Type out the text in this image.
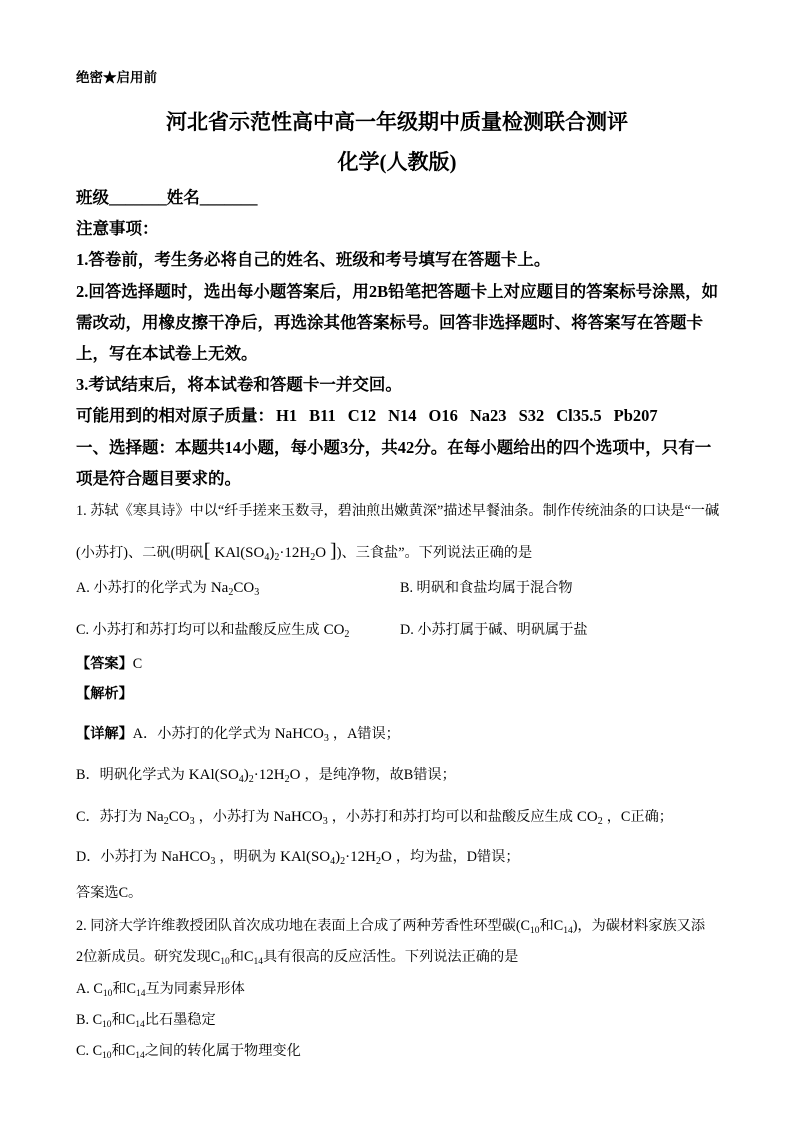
绝密★启用前
河北省示范性高中高一年级期中质量检测联合测评
化学(人教版)
班级_______姓名_______
注意事项：
1.答卷前，考生务必将自己的姓名、班级和考号填写在答题卡上。
2.回答选择题时，选出每小题答案后，用2B铅笔把答题卡上对应题目的答案标号涂黑，如
需改动，用橡皮擦干净后，再选涂其他答案标号。回答非选择题时、将答案写在答题卡
上，写在本试卷上无效。
3.考试结束后，将本试卷和答题卡一并交回。
可能用到的相对原子质量： H1 B11 C12 N14 O16 Na23 S32 Cl35.5 Pb207
一、选择题：本题共14小题，每小题3分，共42分。在每小题给出的四个选项中，只有一
项是符合题目要求的。
1. 苏轼《寒具诗》中以“纤手搓来玉数寻，碧油煎出嫩黄深”描述早餐油条。制作传统油条的口诀是“一碱
(小苏打)、二矾(明矾[ $KAl(SO_4)_2\cdot 12H_2O$ ])、三食盐”。下列说法正确的是
A. 小苏打的化学式为 $Na_2CO_3$	B. 明矾和食盐均属于混合物
C. 小苏打和苏打均可以和盐酸反应生成 $CO_2$	D. 小苏打属于碱、明矾属于盐
【答案】C
【解析】
【详解】A．小苏打的化学式为 NaHCO$_3$ ，A错误；
B．明矾化学式为 $KAl(SO_4)_2\cdot 12H_2O$ ，是纯净物，故B错误；
C．苏打为 $Na_2CO_3$ ，小苏打为 NaHCO$_3$ ，小苏打和苏打均可以和盐酸反应生成 $CO_2$ ，C正确；
D．小苏打为 NaHCO$_3$ ，明矾为 $KAl(SO_4)_2\cdot 12H_2O$ ，均为盐，D错误；
答案选C。
2. 同济大学许维教授团队首次成功地在表面上合成了两种芳香性环型碳($C_{10}$和$C_{14}$)，为碳材料家族又添
2位新成员。研究发现$C_{10}$和$C_{14}$具有很高的反应活性。下列说法正确的是
A. $C_{10}$和$C_{14}$互为同素异形体
B. $C_{10}$和$C_{14}$比石墨稳定
C. $C_{10}$和$C_{14}$之间的转化属于物理变化
